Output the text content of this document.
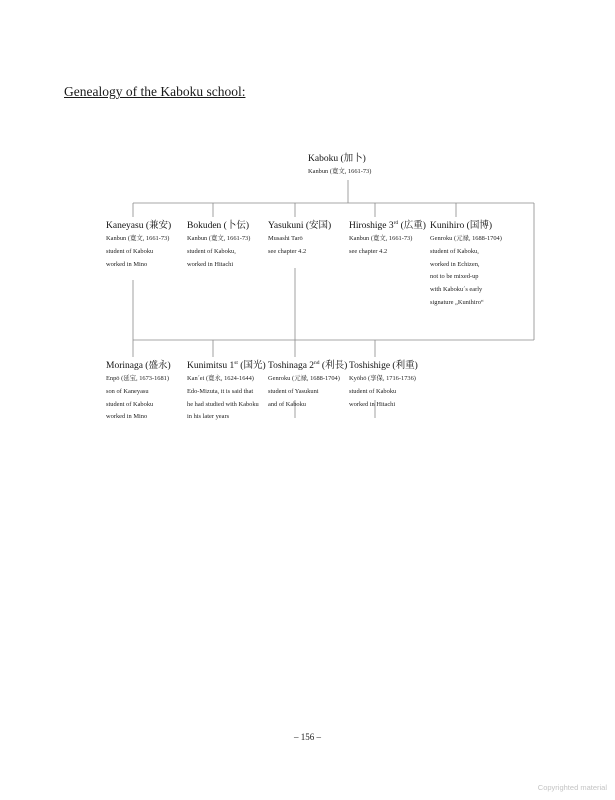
Genealogy of the Kaboku school:
Kaboku (加卜)
Kanbun (寛文, 1661-73)
Kaneyasu (兼安)
Kanbun (寛文, 1661-73)
student of Kaboku
worked in Mino
Bokuden (卜伝)
Kanbun (寛文, 1661-73)
student of Kaboku,
worked in Hitachi
Yasukuni (安国)
Musashi Tarō
see chapter 4.2
Hiroshige 3rd (広重)
Kanbun (寛文, 1661-73)
see chapter 4.2
Kunihiro (国博)
Genroku (元禄, 1688-1704)
student of Kaboku,
worked in Echizen,
not to be mixed-up
with Kaboku´s early
signature „Kunihiro“
Morinaga (盛永)
Enpō (延宝, 1673-1681)
son of Kaneyasu
student of Kaboku
worked in Mino
Kunimitsu 1st (国光)
Kan´ei (寛永, 1624-1644)
Edo-Mizuta, it is said that
he had studied with Kaboku
in his later years
Toshinaga 2nd (利長)
Genroku (元禄, 1688-1704)
student of Yasukuni
and of Kaboku
Toshishige (利重)
Kyōhō (享保, 1716-1736)
student of Kaboku
worked in Hitachi
– 156 –
Copyrighted material
